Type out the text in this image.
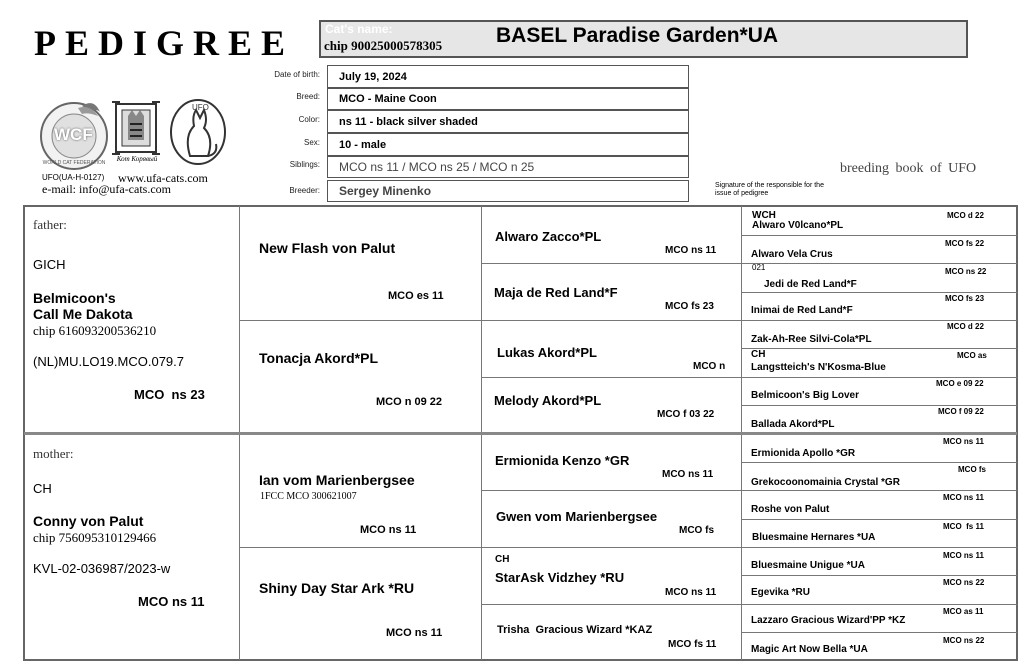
PEDIGREE	Cat's name:
chip 90025000578305	BASEL Paradise Garden*UA
Date of birth: July 19, 2024
Breed: MCO - Maine Coon
Color: ns 11 - black silver shaded
Sex: 10 - male
Siblings: MCO ns 11 / MCO ns 25 / MCO n 25
Breeder: Sergey Minenko
WCF
WORLD CAT FEDERATION	Кот Корявый
UFO
UFO(UA-H-0127) www.ufa-cats.com
e-mail: info@ufa-cats.com	Signature of the responsible for the issue of pedigree
breeding book of UFO
father:
GICH
Belmicoon's
Call Me Dakota
chip 616093200536210
(NL)MU.LO19.MCO.079.7
MCO  ns 23
mother:
CH
Conny von Palut
chip 756095310129466
KVL-02-036987/2023-w
MCO ns 11
New Flash von Palut
MCO es 11
Tonacja Akord*PL
MCO n 09 22
Ian vom Marienbergsee
1FCC MCO 300621007
MCO ns 11
Shiny Day Star Ark *RU
MCO ns 11
Alwaro Zacco*PL
MCO ns 11
Maja de Red Land*F
MCO fs 23
Lukas Akord*PL
MCO n
Melody Akord*PL
MCO f 03 22
Ermionida Kenzo *GR
MCO ns 11
Gwen vom Marienbergsee
MCO fs
CH
StarAsk Vidzhey *RU
MCO ns 11
Trisha  Gracious Wizard *KAZ
MCO fs 11
WCH
Alwaro V0lcano*PL
MCO d 22
Alwaro Vela Crus
MCO fs 22
021
Jedi de Red Land*F
MCO ns 22
Inimai de Red Land*F
MCO fs 23
Zak-Ah-Ree Silvi-Cola*PL
MCO d 22
CH
Langstteich's N'Kosma-Blue
MCO as
Belmicoon's Big Lover
MCO e 09 22
Ballada Akord*PL
MCO f 09 22
Ermionida Apollo *GR
MCO ns 11
Grekocoonomainia Crystal *GR
MCO fs
Roshe von Palut
MCO ns 11
Bluesmaine Hernares *UA
MCO  fs 11
Bluesmaine Unigue *UA
MCO ns 11
Egevika *RU
MCO ns 22
Lazzaro Gracious Wizard'PP *KZ
MCO as 11
Magic Art Now Bella *UA
MCO ns 22
